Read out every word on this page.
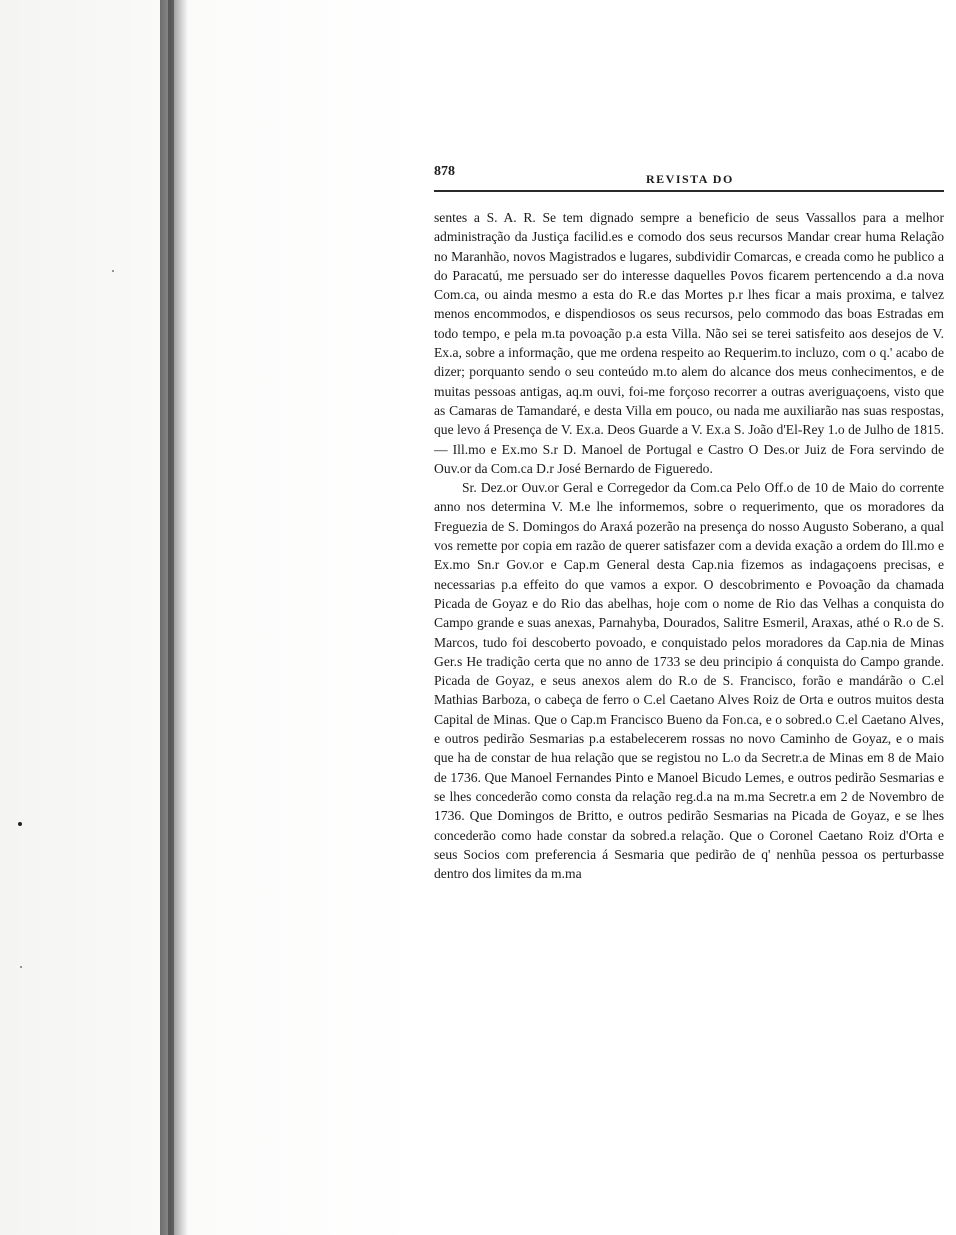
878	REVISTA DO

sentes a S. A. R. Se tem dignado sempre a beneficio de seus Vassallos para a melhor administração da Justiça facilid.es e comodo dos seus recursos Mandar crear huma Relação no Maranhão, novos Magistrados e lugares, subdividir Comarcas, e creada como he publico a do Paracatú, me persuado ser do interesse daquelles Povos ficarem pertencendo a d.a nova Com.ca, ou ainda mesmo a esta do R.e das Mortes p.r lhes ficar a mais proxima, e talvez menos encommodos, e dispendiosos os seus recursos, pelo commodo das boas Estradas em todo tempo, e pela m.ta povoação p.a esta Villa. Não sei se terei satisfeito aos desejos de V. Ex.a, sobre a informação, que me ordena respeito ao Requerim.to incluzo, com o q.' acabo de dizer; porquanto sendo o seu conteúdo m.to alem do alcance dos meus conhecimentos, e de muitas pessoas antigas, aq.m ouvi, foi-me forçoso recorrer a outras averiguaçoens, visto que as Camaras de Tamandaré, e desta Villa em pouco, ou nada me auxiliarão nas suas respostas, que levo á Presença de V. Ex.a. Deos Guarde a V. Ex.a S. João d'El-Rey 1.o de Julho de 1815.— Ill.mo e Ex.mo S.r D. Manoel de Portugal e Castro O Des.or Juiz de Fora servindo de Ouv.or da Com.ca D.r José Bernardo de Figueredo.

Sr. Dez.or Ouv.or Geral e Corregedor da Com.ca Pelo Off.o de 10 de Maio do corrente anno nos determina V. M.e lhe informemos, sobre o requerimento, que os moradores da Freguezia de S. Domingos do Araxá pozerão na presença do nosso Augusto Soberano, a qual vos remette por copia em razão de querer satisfazer com a devida exação a ordem do Ill.mo e Ex.mo Sn.r Gov.or e Cap.m General desta Cap.nia fizemos as indagaçoens precisas, e necessarias p.a effeito do que vamos a expor. O descobrimento e Povoação da chamada Picada de Goyaz e do Rio das abelhas, hoje com o nome de Rio das Velhas a conquista do Campo grande e suas anexas, Parnahyba, Dourados, Salitre Esmeril, Araxas, athé o R.o de S. Marcos, tudo foi descoberto povoado, e conquistado pelos moradores da Cap.nia de Minas Ger.s He tradição certa que no anno de 1733 se deu principio á conquista do Campo grande. Picada de Goyaz, e seus anexos alem do R.o de S. Francisco, forão e mandárão o C.el Mathias Barboza, o cabeça de ferro o C.el Caetano Alves Roiz de Orta e outros muitos desta Capital de Minas. Que o Cap.m Francisco Bueno da Fon.ca, e o sobred.o C.el Caetano Alves, e outros pedirão Sesmarias p.a estabelecerem rossas no novo Caminho de Goyaz, e o mais que ha de constar de hua relação que se registou no L.o da Secretr.a de Minas em 8 de Maio de 1736. Que Manoel Fernandes Pinto e Manoel Bicudo Lemes, e outros pedirão Sesmarias e se lhes concederão como consta da relação reg.d.a na m.ma Secretr.a em 2 de Novembro de 1736. Que Domingos de Britto, e outros pedirão Sesmarias na Picada de Goyaz, e se lhes concederão como hade constar da sobred.a relação. Que o Coronel Caetano Roiz d'Orta e seus Socios com preferencia á Sesmaria que pedirão de q' nenhũa pessoa os perturbasse dentro dos limites da m.ma
